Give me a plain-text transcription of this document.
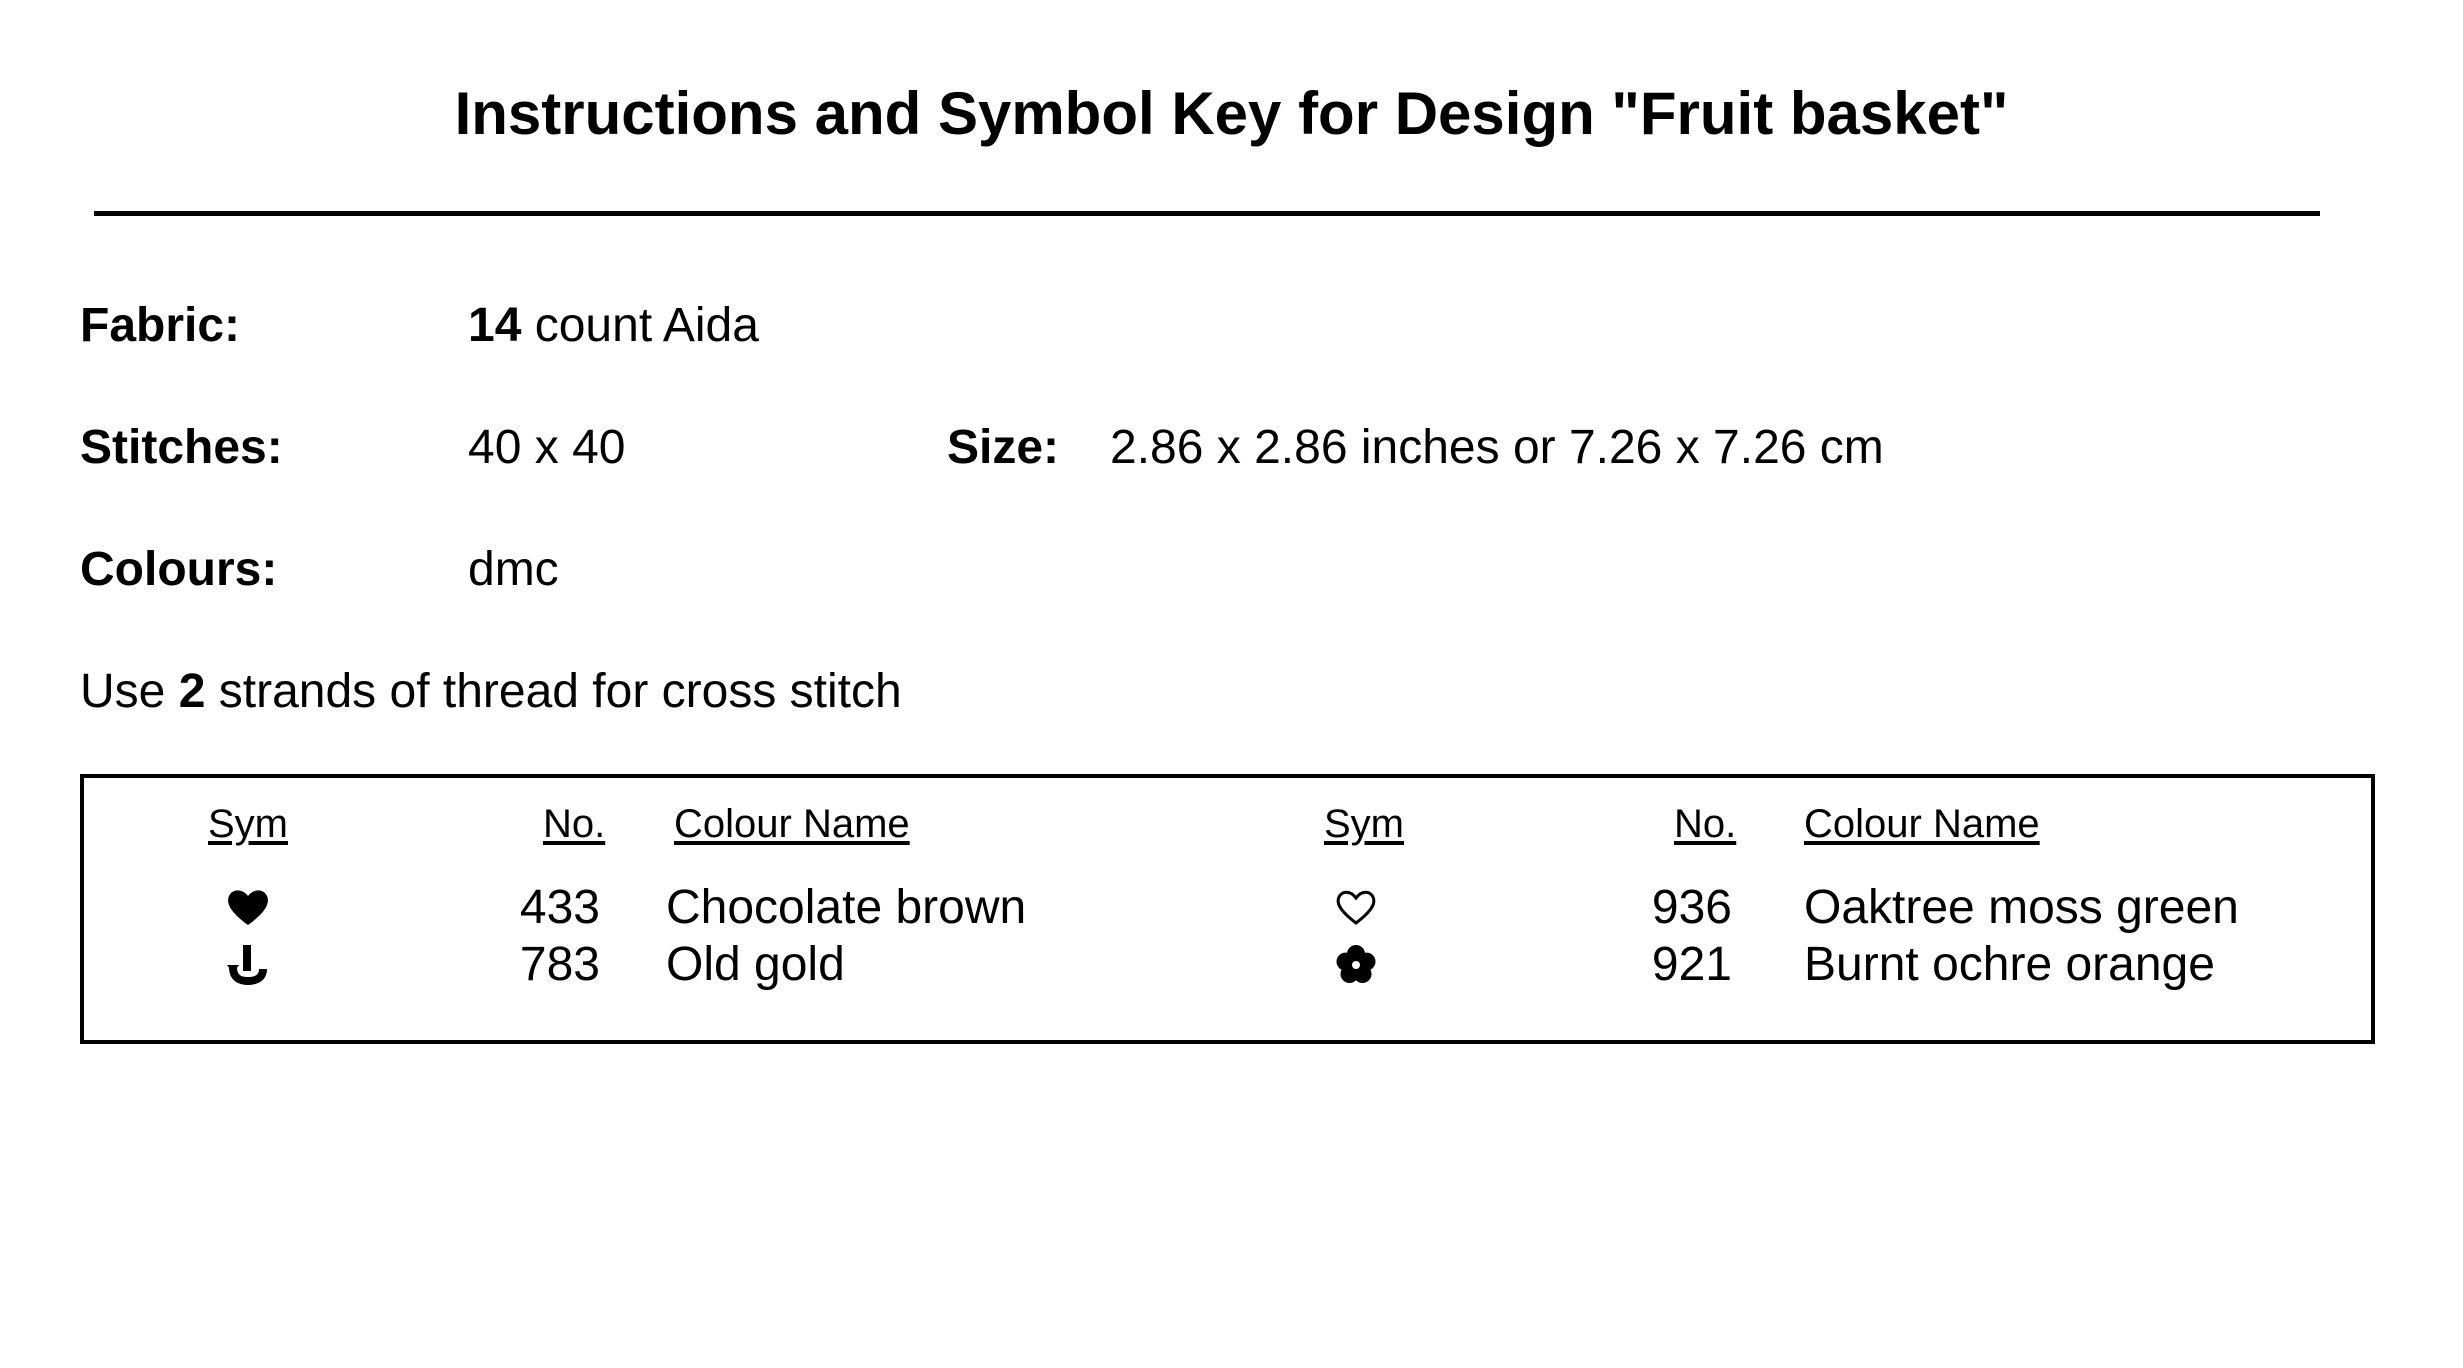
Instructions and Symbol Key for Design "Fruit basket"
Fabric:	14 count Aida
Stitches:	40 x 40	Size: 2.86 x 2.86 inches or 7.26 x 7.26 cm
Colours:	dmc
Use 2 strands of thread for cross stitch
Sym	No. Colour Name	Sym	No. Colour Name
433 Chocolate brown	936 Oaktree moss green
783 Old gold	921 Burnt ochre orange
